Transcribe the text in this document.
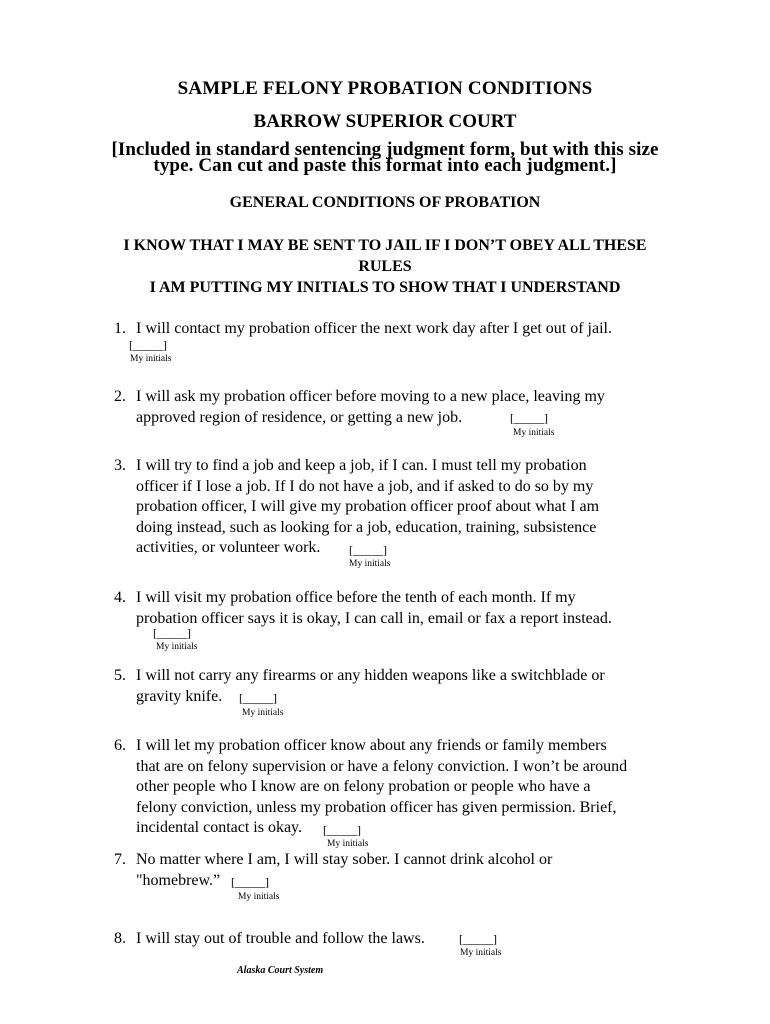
SAMPLE FELONY PROBATION CONDITIONS
BARROW SUPERIOR COURT
[Included in standard sentencing judgment form, but with this size
type. Can cut and paste this format into each judgment.]
GENERAL CONDITIONS OF PROBATION
I KNOW THAT I MAY BE SENT TO JAIL IF I DON’T OBEY ALL THESE
RULES
I AM PUTTING MY INITIALS TO SHOW THAT I UNDERSTAND
1. I will contact my probation officer the next work day after I get out of jail.
[_____]
My initials
2. I will ask my probation officer before moving to a new place, leaving my
approved region of residence, or getting a new job.	[_____]
My initials
3. I will try to find a job and keep a job, if I can. I must tell my probation
officer if I lose a job. If I do not have a job, and if asked to do so by my
probation officer, I will give my probation officer proof about what I am
doing instead, such as looking for a job, education, training, subsistence
activities, or volunteer work.	[_____]
My initials
4. I will visit my probation office before the tenth of each month. If my
probation officer says it is okay, I can call in, email or fax a report instead.
[_____]
My initials
5. I will not carry any firearms or any hidden weapons like a switchblade or
gravity knife.	[_____]
My initials
6. I will let my probation officer know about any friends or family members
that are on felony supervision or have a felony conviction. I won’t be around
other people who I know are on felony probation or people who have a
felony conviction, unless my probation officer has given permission. Brief,
incidental contact is okay.	[_____]
My initials
7. No matter where I am, I will stay sober. I cannot drink alcohol or
"homebrew.” [_____]
My initials
8. I will stay out of trouble and follow the laws.	[_____]
My initials
Alaska Court System
